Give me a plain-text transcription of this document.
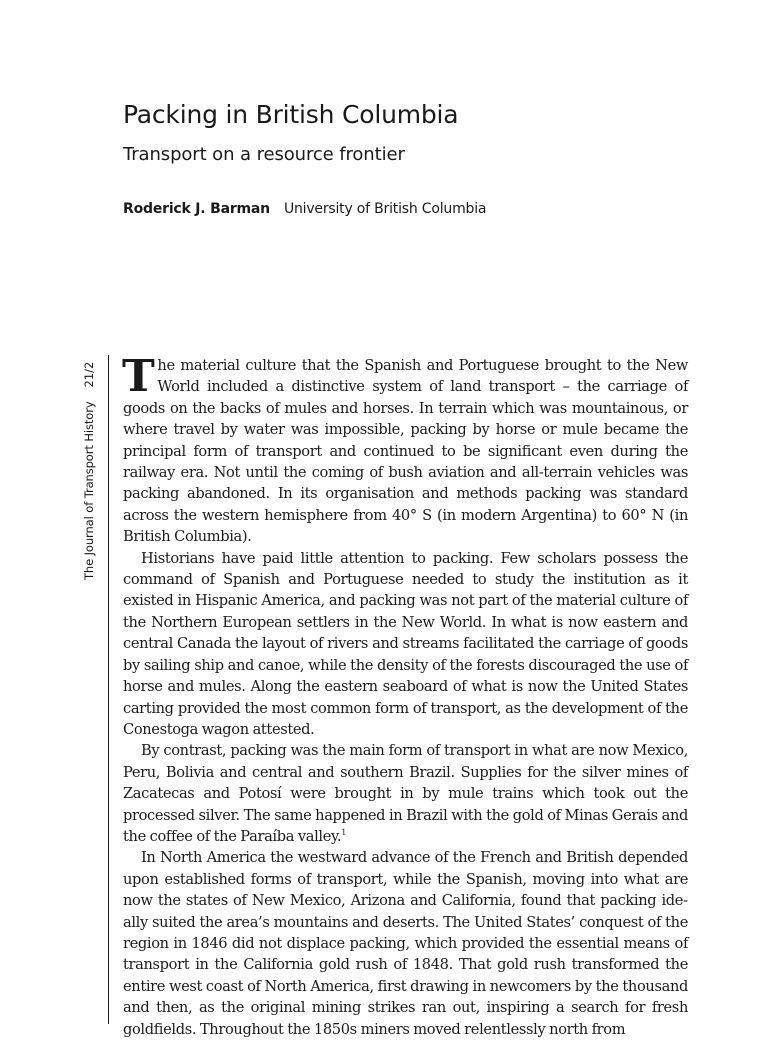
Packing in British Columbia
Transport on a resource frontier
Roderick J. Barman University of British Columbia
The Journal of Transport History21/2 The material culture that the Spanish and Portuguese brought to the New World included a distinctive system of land transport – the carriage of goods on the backs of mules and horses. In terrain which was mountainous, or where travel by water was impossible, packing by horse or mule became the principal form of transport and continued to be significant even during the railway era. Not until the coming of bush aviation and all-terrain vehicles was packing abandoned. In its organisation and methods packing was standard across the western hemisphere from 40° S (in modern Argentina) to 60° N (in British Columbia).

Historians have paid little attention to packing. Few scholars possess the command of Spanish and Portuguese needed to study the institution as it existed in Hispanic America, and packing was not part of the material culture of the Northern European settlers in the New World. In what is now eastern and central Canada the layout of rivers and streams facilitated the carriage of goods by sailing ship and canoe, while the density of the forests discouraged the use of horse and mules. Along the eastern seaboard of what is now the United States carting provided the most common form of transport, as the development of the Conestoga wagon attested.

By contrast, packing was the main form of transport in what are now Mexico, Peru, Bolivia and central and southern Brazil. Supplies for the silver mines of Zacatecas and Potosí were brought in by mule trains which took out the processed silver. The same happened in Brazil with the gold of Minas Gerais and the coffee of the Paraíba valley.$^1$

In North America the westward advance of the French and British depended upon established forms of transport, while the Spanish, moving into what are now the states of New Mexico, Arizona and California, found that packing ideally suited the area’s mountains and deserts. The United States’ conquest of the region in 1846 did not displace packing, which provided the essential means of transport in the California gold rush of 1848. That gold rush transformed the entire west coast of North America, first drawing in newcomers by the thousand and then, as the original mining strikes ran out, inspiring a search for fresh goldfields. Throughout the 1850s miners moved relentlessly north from
